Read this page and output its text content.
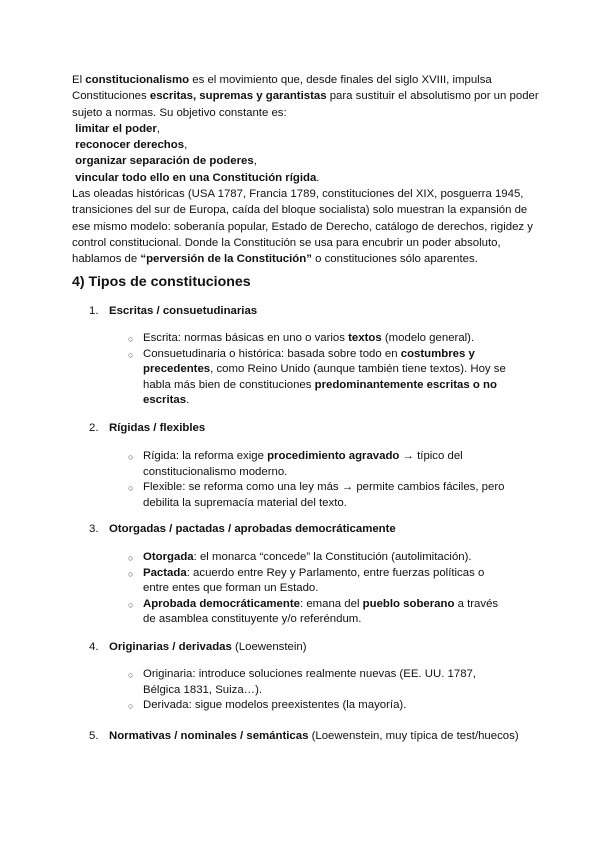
El constitucionalismo es el movimiento que, desde finales del siglo XVIII, impulsa Constituciones escritas, supremas y garantistas para sustituir el absolutismo por un poder sujeto a normas. Su objetivo constante es:

limitar el poder,

reconocer derechos,

organizar separación de poderes,

vincular todo ello en una Constitución rígida.

Las oleadas históricas (USA 1787, Francia 1789, constituciones del XIX, posguerra 1945, transiciones del sur de Europa, caída del bloque socialista) solo muestran la expansión de ese mismo modelo: soberanía popular, Estado de Derecho, catálogo de derechos, rigidez y control constitucional. Donde la Constitución se usa para encubrir un poder absoluto, hablamos de “perversión de la Constitución” o constituciones sólo aparentes.

4) Tipos de constituciones
1. Escritas / consuetudinarias

○ Escrita: normas básicas en uno o varios textos (modelo general).

○ Consuetudinaria o histórica: basada sobre todo en costumbres y precedentes, como Reino Unido (aunque también tiene textos). Hoy se habla más bien de constituciones predominantemente escritas o no escritas.

2. Rígidas / flexibles

○ Rígida: la reforma exige procedimiento agravado → típico del constitucionalismo moderno.

○ Flexible: se reforma como una ley más → permite cambios fáciles, pero debilita la supremacía material del texto.

3. Otorgadas / pactadas / aprobadas democráticamente

○ Otorgada: el monarca “concede” la Constitución (autolimitación).

○ Pactada: acuerdo entre Rey y Parlamento, entre fuerzas políticas o entre entes que forman un Estado.

○ Aprobada democráticamente: emana del pueblo soberano a través de asamblea constituyente y/o referéndum.

4. Originarias / derivadas (Loewenstein)

○ Originaria: introduce soluciones realmente nuevas (EE. UU. 1787, Bélgica 1831, Suiza…).

○ Derivada: sigue modelos preexistentes (la mayoría).

5. Normativas / nominales / semánticas (Loewenstein, muy típica de test/huecos)
